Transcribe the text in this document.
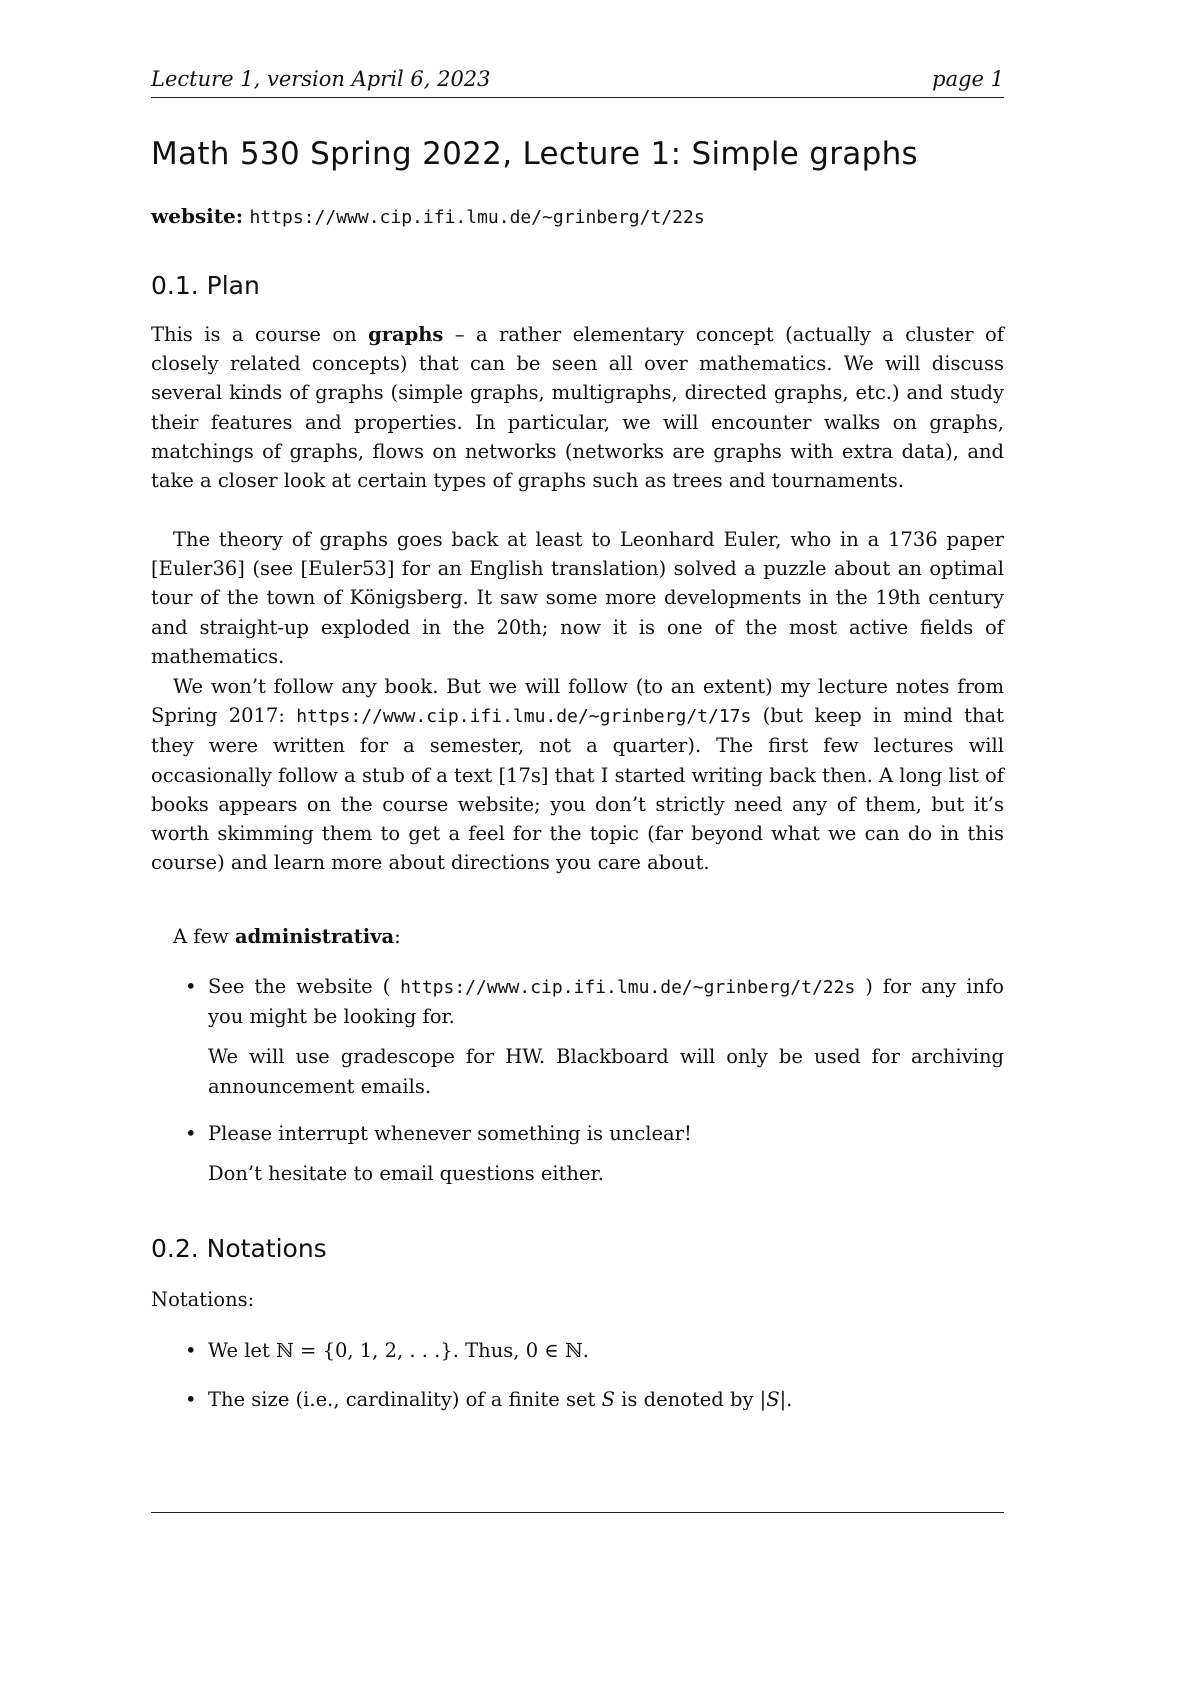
Lecture 1, version April 6, 2023	page 1
Math 530 Spring 2022, Lecture 1: Simple graphs
website: https://www.cip.ifi.lmu.de/~grinberg/t/22s
0.1. Plan

This is a course on graphs – a rather elementary concept (actually a cluster of closely related concepts) that can be seen all over mathematics. We will discuss several kinds of graphs (simple graphs, multigraphs, directed graphs, etc.) and study their features and properties. In particular, we will encounter walks on graphs, matchings of graphs, flows on networks (networks are graphs with extra data), and take a closer look at certain types of graphs such as trees and tournaments.

The theory of graphs goes back at least to Leonhard Euler, who in a 1736 paper [Euler36] (see [Euler53] for an English translation) solved a puzzle about an optimal tour of the town of Königsberg. It saw some more developments in the 19th century and straight-up exploded in the 20th; now it is one of the most active fields of mathematics.

We won’t follow any book. But we will follow (to an extent) my lecture notes from Spring 2017: https://www.cip.ifi.lmu.de/~grinberg/t/17s (but keep in mind that they were written for a semester, not a quarter). The first few lectures will occasionally follow a stub of a text [17s] that I started writing back then. A long list of books appears on the course website; you don’t strictly need any of them, but it’s worth skimming them to get a feel for the topic (far beyond what we can do in this course) and learn more about directions you care about.

A few administrativa:

• See the website ( https://www.cip.ifi.lmu.de/~grinberg/t/22s ) for any info you might be looking for.

We will use gradescope for HW. Blackboard will only be used for archiving announcement emails.

• Please interrupt whenever something is unclear!

Don’t hesitate to email questions either.

0.2. Notations

Notations:

• We let ℕ = {0, 1, 2, . . .}. Thus, 0 ∈ ℕ.

• The size (i.e., cardinality) of a finite set S is denoted by |S|.
